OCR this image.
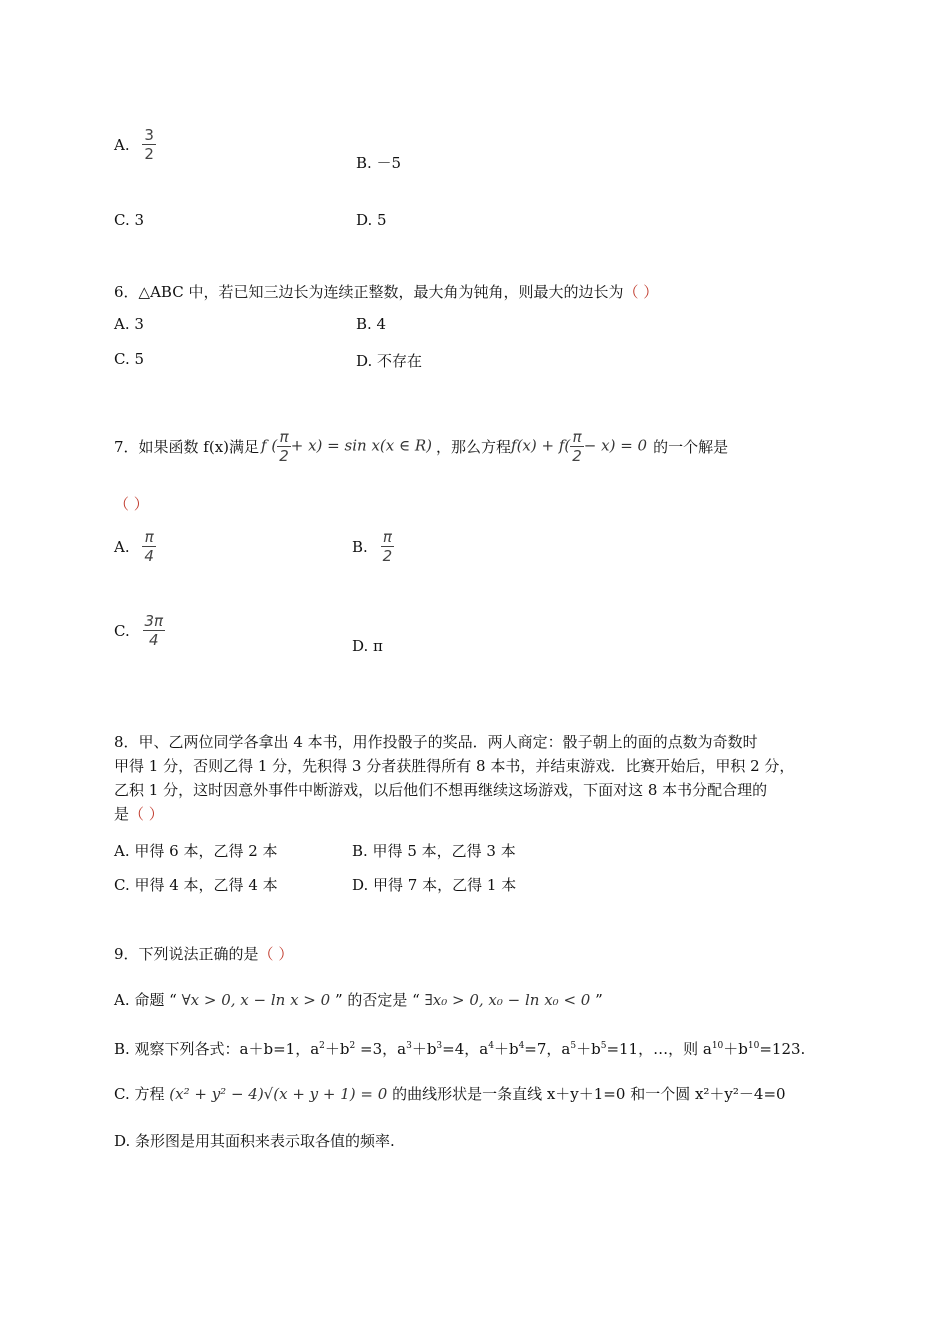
A. $\frac{3}{2}$	B. －5
C. 3	D. 5
6．△ABC 中，若已知三边长为连续正整数，最大角为钝角，则最大的边长为（ ）
A. 3	B. 4
C. 5	D. 不存在
7．如果函数 f(x)满足 f ( $\frac{\pi}{2} + x) = \sin x(x$ ∈ R) ，那么方程 $f(x) + f( \frac{\pi}{2} - x) = 0$ 的一个解是
（ ）
A. $\frac{\pi}{4}$	B. $\frac{\pi}{2}$
C. $\frac{3\pi}{4}$	D. π
8．甲、乙两位同学各拿出 4 本书，用作投骰子的奖品．两人商定：骰子朝上的面的点数为奇数时
甲得 1 分，否则乙得 1 分，先积得 3 分者获胜得所有 8 本书，并结束游戏．比赛开始后，甲积 2 分，
乙积 1 分，这时因意外事件中断游戏，以后他们不想再继续这场游戏，下面对这 8 本书分配合理的
是（ ）
A. 甲得 6 本，乙得 2 本	B. 甲得 5 本，乙得 3 本
C. 甲得 4 本，乙得 4 本	D. 甲得 7 本，乙得 1 本
9．下列说法正确的是（ ）
A. 命题 “ ∀x > 0, x − ln x > 0 ” 的否定是 “ ∃x₀ > 0, x₀ − ln x₀ < 0 ”
B. 观察下列各式：a＋b=1，$a^2+b^2 =3$，$a^3+b^3=4$，$a^4+b^4=7$，$a^5+b^5=11$，…，则 $a^{10}+b^{10}=123$.
C. 方程 (x² + y² − 4)√(x + y + 1) = 0 的曲线形状是一条直线 x＋y＋1=0 和一个圆 x²＋y²－4=0
D. 条形图是用其面积来表示取各值的频率.
